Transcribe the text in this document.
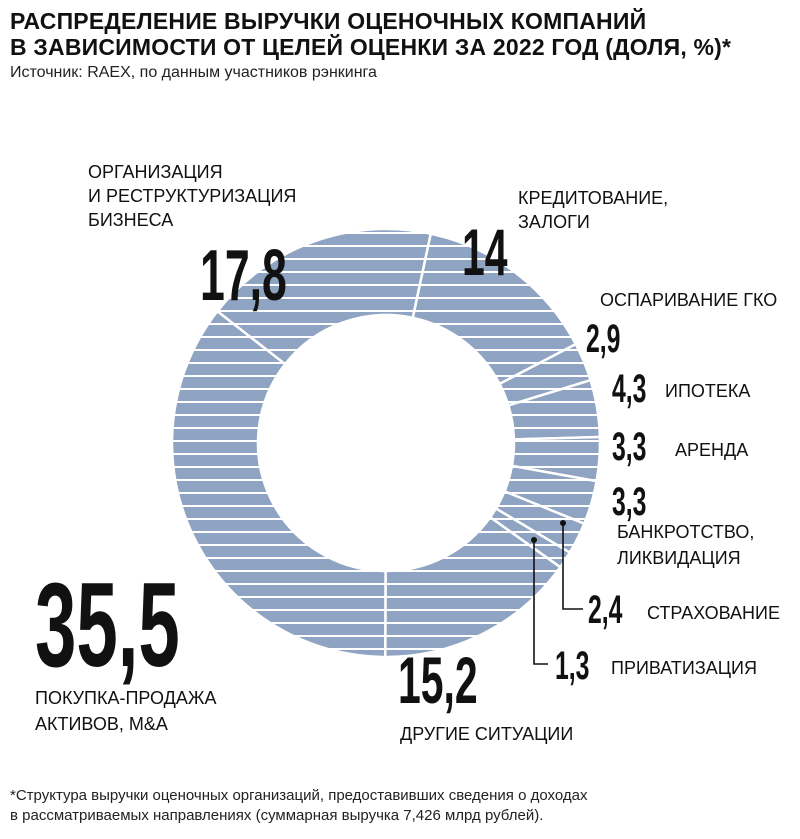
РАСПРЕДЕЛЕНИЕ ВЫРУЧКИ ОЦЕНОЧНЫХ КОМПАНИЙ
В ЗАВИСИМОСТИ ОТ ЦЕЛЕЙ ОЦЕНКИ ЗА 2022 ГОД (ДОЛЯ, %)*

Источник: RAEX, по данным участников рэнкинга

17,8
ОРГАНИЗАЦИЯ И РЕСТРУКТУРИЗАЦИЯ БИЗНЕСА	14
КРЕДИТОВАНИЕ, ЗАЛОГИ
2,9
ОСПАРИВАНИЕ ГКО
4,3 ИПОТЕКА
3,3 АРЕНДА
3,3
БАНКРОТСТВО, ЛИКВИДАЦИЯ
2,4 СТРАХОВАНИЕ
1,3 ПРИВАТИЗАЦИЯ
15,2
ДРУГИЕ СИТУАЦИИ
35,5
ПОКУПКА-ПРОДАЖА АКТИВОВ, M&A

*Структура выручки оценочных организаций, предоставивших сведения о доходах
в рассматриваемых направлениях (суммарная выручка 7,426 млрд рублей).
